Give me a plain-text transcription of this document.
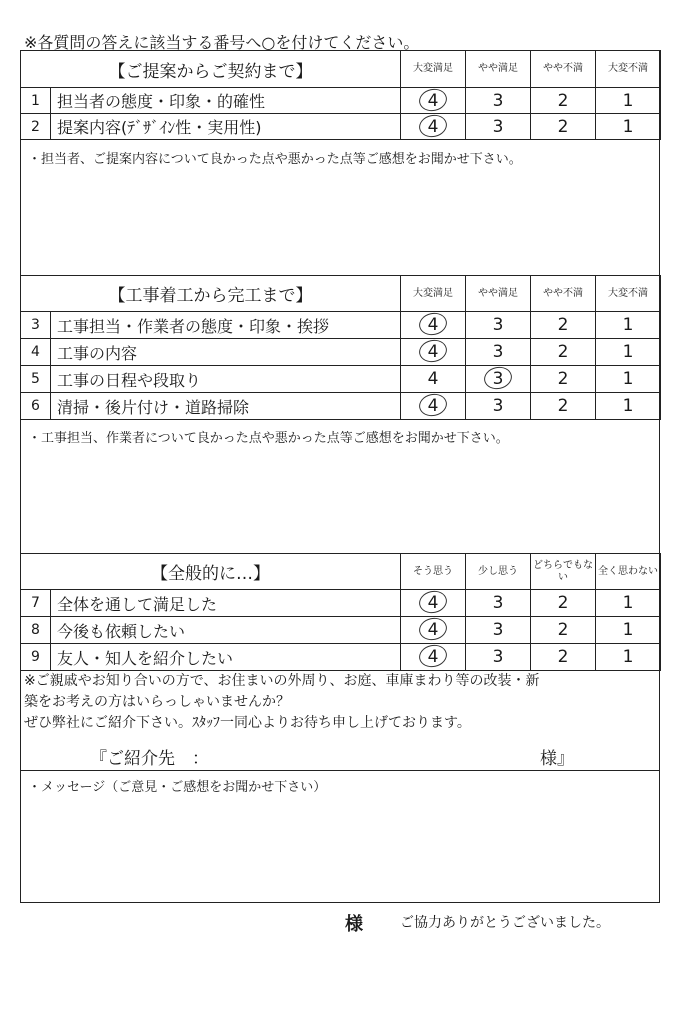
※各質問の答えに該当する番号へ○を付けてください。
【ご提案からご契約まで】		大変満足	やや満足	やや不満	大変不満
1	担当者の態度・印象・的確性	4	3	2	1
2	提案内容(ﾃﾞｻﾞｲﾝ性・実用性)	4	3	2	1
・担当者、ご提案内容について良かった点や悪かった点等ご感想をお聞かせ下さい。
【工事着工から完工まで】		大変満足	やや満足	やや不満	大変不満
3	工事担当・作業者の態度・印象・挨拶	4	3	2	1
4	工事の内容	4	3	2	1
5	工事の日程や段取り	4	3	2	1
6	清掃・後片付け・道路掃除	4	3	2	1
・工事担当、作業者について良かった点や悪かった点等ご感想をお聞かせ下さい。
【全般的に…】		そう思う	少し思う	どちらでもない	全く思わない
7	全体を通して満足した	4	3	2	1
8	今後も依頼したい	4	3	2	1
9	友人・知人を紹介したい	4	3	2	1
※ご親戚やお知り合いの方で、お住まいの外周り、お庭、車庫まわり等の改装・新
築をお考えの方はいらっしゃいませんか？
ぜひ弊社にご紹介下さい。ｽﾀｯﾌ一同心よりお待ち申し上げております。
『ご紹介先　：	様』
・メッセージ（ご意見・ご感想をお聞かせ下さい）
様	ご協力ありがとうございました。
